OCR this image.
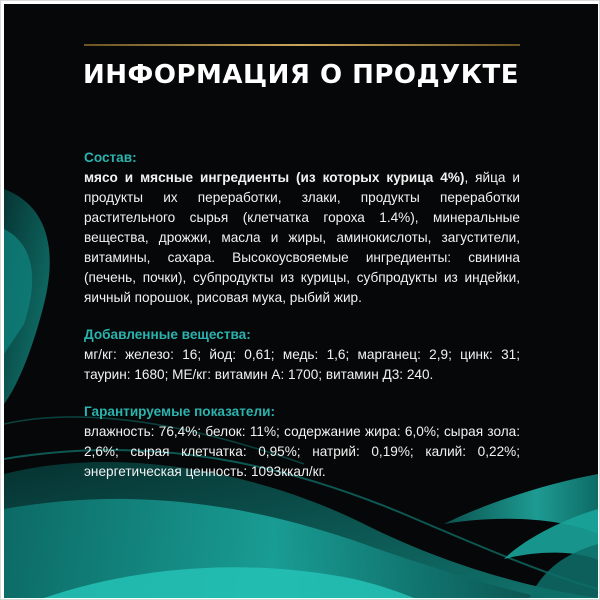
ИНФОРМАЦИЯ О ПРОДУКТЕ
Состав:
мясо и мясные ингредиенты (из которых курица 4%), яйца и продукты их переработки, злаки, продукты переработки растительного сырья (клетчатка гороха 1.4%), минеральные вещества, дрожжи, масла и жиры, аминокислоты, загустители, витамины, сахара. Высокоусвояемые ингредиенты: свинина (печень, почки), субпродукты из курицы, субпродукты из индейки, яичный порошок, рисовая мука, рыбий жир.
Добавленные вещества:
мг/кг: железо: 16; йод: 0,61; медь: 1,6; марганец: 2,9; цинк: 31; таурин: 1680; МЕ/кг: витамин А: 1700; витамин Д3: 240.
Гарантируемые показатели:
влажность: 76,4%; белок: 11%; содержание жира: 6,0%; сырая зола: 2,6%; сырая клетчатка: 0,95%; натрий: 0,19%; калий: 0,22%; энергетическая ценность: 1093ккал/кг.
